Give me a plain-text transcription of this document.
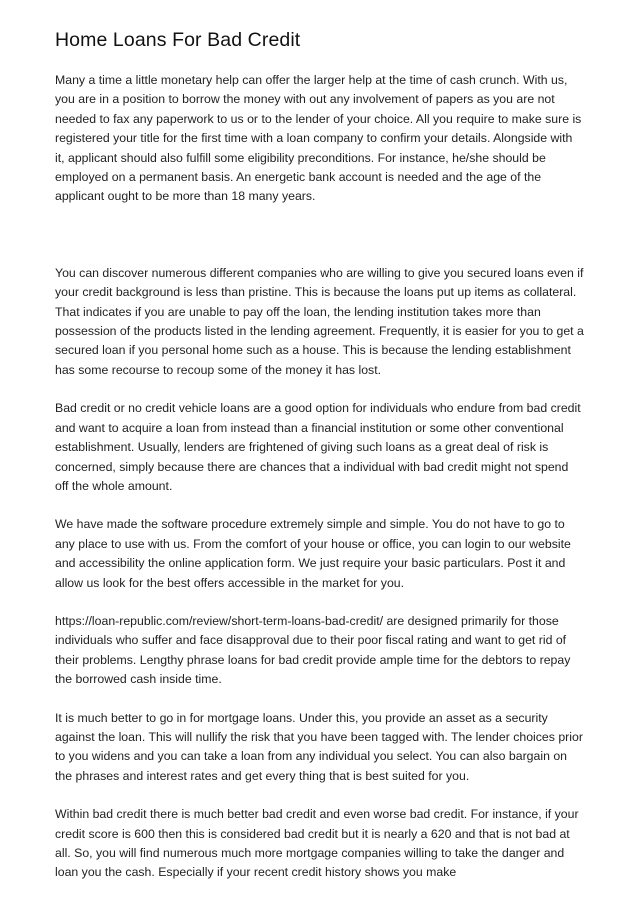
Home Loans For Bad Credit

Many a time a little monetary help can offer the larger help at the time of cash crunch. With us, you are in a position to borrow the money with out any involvement of papers as you are not needed to fax any paperwork to us or to the lender of your choice. All you require to make sure is registered your title for the first time with a loan company to confirm your details. Alongside with it, applicant should also fulfill some eligibility preconditions. For instance, he/she should be employed on a permanent basis. An energetic bank account is needed and the age of the applicant ought to be more than 18 many years.

You can discover numerous different companies who are willing to give you secured loans even if your credit background is less than pristine. This is because the loans put up items as collateral. That indicates if you are unable to pay off the loan, the lending institution takes more than possession of the products listed in the lending agreement. Frequently, it is easier for you to get a secured loan if you personal home such as a house. This is because the lending establishment has some recourse to recoup some of the money it has lost.

Bad credit or no credit vehicle loans are a good option for individuals who endure from bad credit and want to acquire a loan from instead than a financial institution or some other conventional establishment. Usually, lenders are frightened of giving such loans as a great deal of risk is concerned, simply because there are chances that a individual with bad credit might not spend off the whole amount.

We have made the software procedure extremely simple and simple. You do not have to go to any place to use with us. From the comfort of your house or office, you can login to our website and accessibility the online application form. We just require your basic particulars. Post it and allow us look for the best offers accessible in the market for you.

https://loan-republic.com/review/short-term-loans-bad-credit/ are designed primarily for those individuals who suffer and face disapproval due to their poor fiscal rating and want to get rid of their problems. Lengthy phrase loans for bad credit provide ample time for the debtors to repay the borrowed cash inside time.

It is much better to go in for mortgage loans. Under this, you provide an asset as a security against the loan. This will nullify the risk that you have been tagged with. The lender choices prior to you widens and you can take a loan from any individual you select. You can also bargain on the phrases and interest rates and get every thing that is best suited for you.

Within bad credit there is much better bad credit and even worse bad credit. For instance, if your credit score is 600 then this is considered bad credit but it is nearly a 620 and that is not bad at all. So, you will find numerous much more mortgage companies willing to take the danger and loan you the cash. Especially if your recent credit history shows you make
